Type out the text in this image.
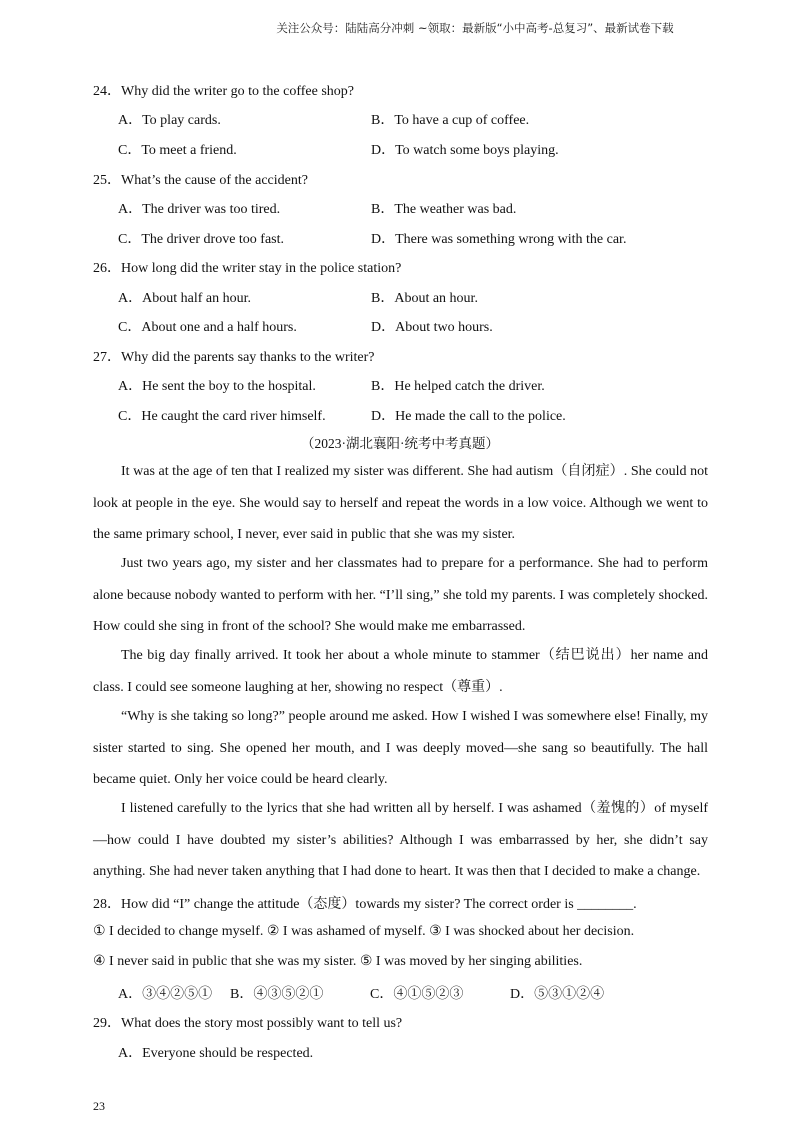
关注公众号：陆陆高分冲刺 ~领取：最新版“小中高考-总复习”、最新试卷下载
24．Why did the writer go to the coffee shop?
A．To play cards.	B．To have a cup of coffee.
C．To meet a friend.	D．To watch some boys playing.
25．What’s the cause of the accident?
A．The driver was too tired.	B．The weather was bad.
C．The driver drove too fast.	D．There was something wrong with the car.
26．How long did the writer stay in the police station?
A．About half an hour.	B．About an hour.
C．About one and a half hours.	D．About two hours.
27．Why did the parents say thanks to the writer?
A．He sent the boy to the hospital.	B．He helped catch the driver.
C．He caught the card river himself.	D．He made the call to the police.
（2023·湖北襄阳·统考中考真题）
It was at the age of ten that I realized my sister was different. She had autism（自闭症）. She could not look at people in the eye. She would say to herself and repeat the words in a low voice. Although we went to the same primary school, I never, ever said in public that she was my sister.
Just two years ago, my sister and her classmates had to prepare for a performance. She had to perform alone because nobody wanted to perform with her. “I’ll sing,” she told my parents. I was completely shocked. How could she sing in front of the school? She would make me embarrassed.
The big day finally arrived. It took her about a whole minute to stammer（结巴说出）her name and class. I could see someone laughing at her, showing no respect（尊重）.
“Why is she taking so long?” people around me asked. How I wished I was somewhere else! Finally, my sister started to sing. She opened her mouth, and I was deeply moved—she sang so beautifully. The hall became quiet. Only her voice could be heard clearly.
I listened carefully to the lyrics that she had written all by herself. I was ashamed（羞愧的）of myself—how could I have doubted my sister’s abilities? Although I was embarrassed by her, she didn’t say anything. She had never taken anything that I had done to heart. It was then that I decided to make a change.
28．How did “I” change the attitude（态度）towards my sister? The correct order is ________.
① I decided to change myself. ② I was ashamed of myself. ③ I was shocked about her decision.
④ I never said in public that she was my sister. ⑤ I was moved by her singing abilities.
A．③④②⑤① B．④③⑤②①	C．④①⑤②③	D．⑤③①②④
29．What does the story most possibly want to tell us?
A．Everyone should be respected.
23
